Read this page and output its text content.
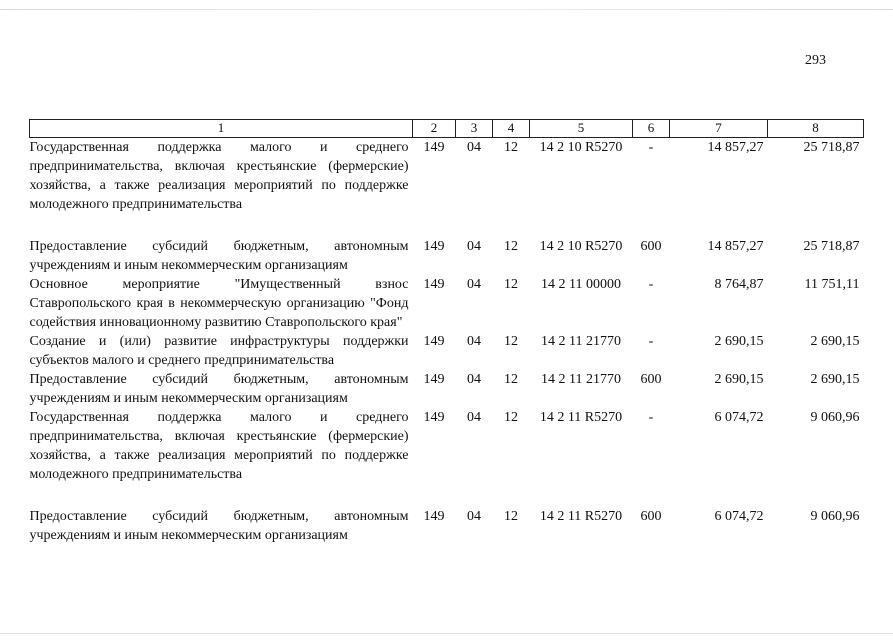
293
1	2	3	4	5	6	7	8
Государственная поддержка малого и среднего предпринимательства, включая крестьянские (фермерские) хозяйства, а также реализация мероприятий по поддержке молодежного предпринимательства	149	04	12	14 2 10 R5270	-	14 857,27	25 718,87
Предоставление субсидий бюджетным, автономным учреждениям и иным некоммерческим организациям	149	04	12	14 2 10 R5270	600	14 857,27	25 718,87
Основное мероприятие "Имущественный взнос Ставропольского края в некоммерческую организацию "Фонд содействия инновационному развитию Ставропольского края"	149	04	12	14 2 11 00000	-	8 764,87	11 751,11
Создание и (или) развитие инфраструктуры поддержки субъектов малого и среднего предпринимательства	149	04	12	14 2 11 21770	-	2 690,15	2 690,15
Предоставление субсидий бюджетным, автономным учреждениям и иным некоммерческим организациям	149	04	12	14 2 11 21770	600	2 690,15	2 690,15
Государственная поддержка малого и среднего предпринимательства, включая крестьянские (фермерские) хозяйства, а также реализация мероприятий по поддержке молодежного предпринимательства	149	04	12	14 2 11 R5270	-	6 074,72	9 060,96
Предоставление субсидий бюджетным, автономным учреждениям и иным некоммерческим организациям	149	04	12	14 2 11 R5270	600	6 074,72	9 060,96
